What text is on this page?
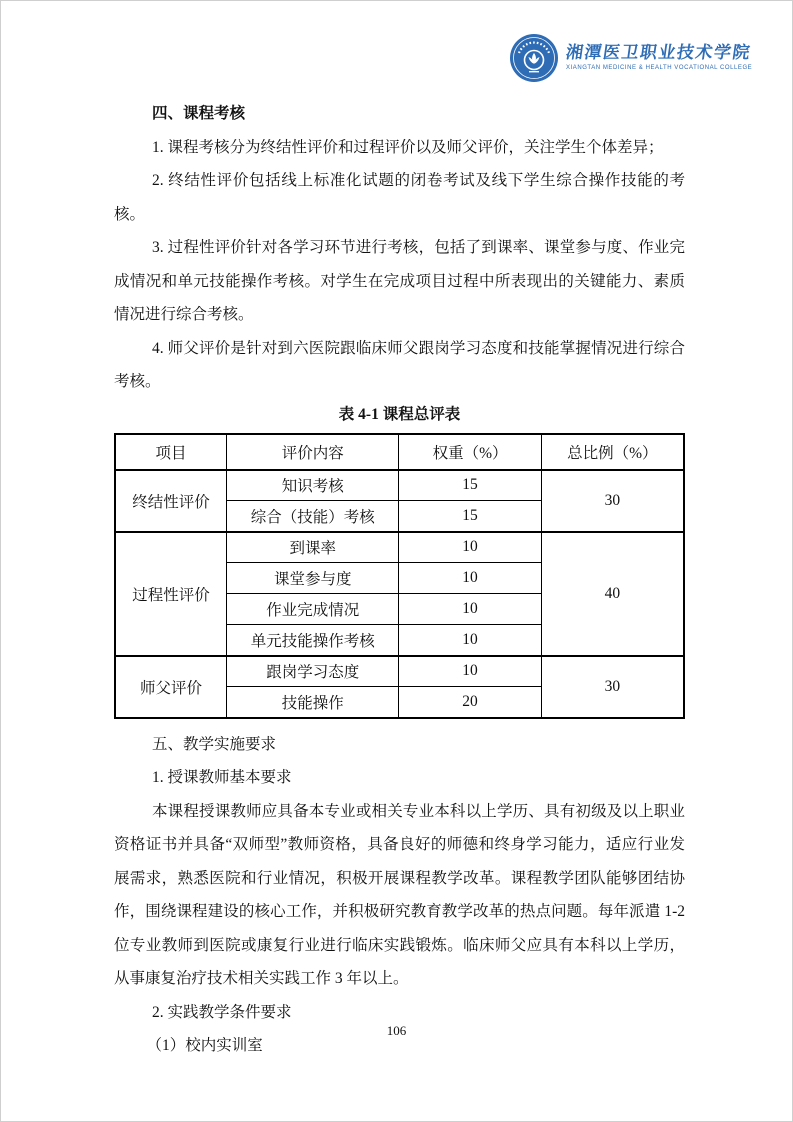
湘潭医卫职业技术学院
XIANGTAN MEDICINE & HEALTH VOCATIONAL COLLEGE

四、课程考核

1. 课程考核分为终结性评价和过程评价以及师父评价，关注学生个体差异；

2. 终结性评价包括线上标准化试题的闭卷考试及线下学生综合操作技能的考核。

3. 过程性评价针对各学习环节进行考核，包括了到课率、课堂参与度、作业完成情况和单元技能操作考核。对学生在完成项目过程中所表现出的关键能力、素质情况进行综合考核。

4. 师父评价是针对到六医院跟临床师父跟岗学习态度和技能掌握情况进行综合考核。

表 4-1 课程总评表
项目	评价内容	权重（%）	总比例（%）
终结性评价	知识考核	15	30
	综合（技能）考核	15	
过程性评价	到课率	10	40
	课堂参与度	10	
	作业完成情况	10	
	单元技能操作考核	10	
师父评价	跟岗学习态度	10	30
	技能操作	20	

五、教学实施要求

1. 授课教师基本要求

本课程授课教师应具备本专业或相关专业本科以上学历、具有初级及以上职业资格证书并具备“双师型”教师资格，具备良好的师德和终身学习能力，适应行业发展需求，熟悉医院和行业情况，积极开展课程教学改革。课程教学团队能够团结协作，围绕课程建设的核心工作，并积极研究教育教学改革的热点问题。每年派遣 1-2 位专业教师到医院或康复行业进行临床实践锻炼。临床师父应具有本科以上学历，从事康复治疗技术相关实践工作 3 年以上。

2. 实践教学条件要求

（1）校内实训室

106
